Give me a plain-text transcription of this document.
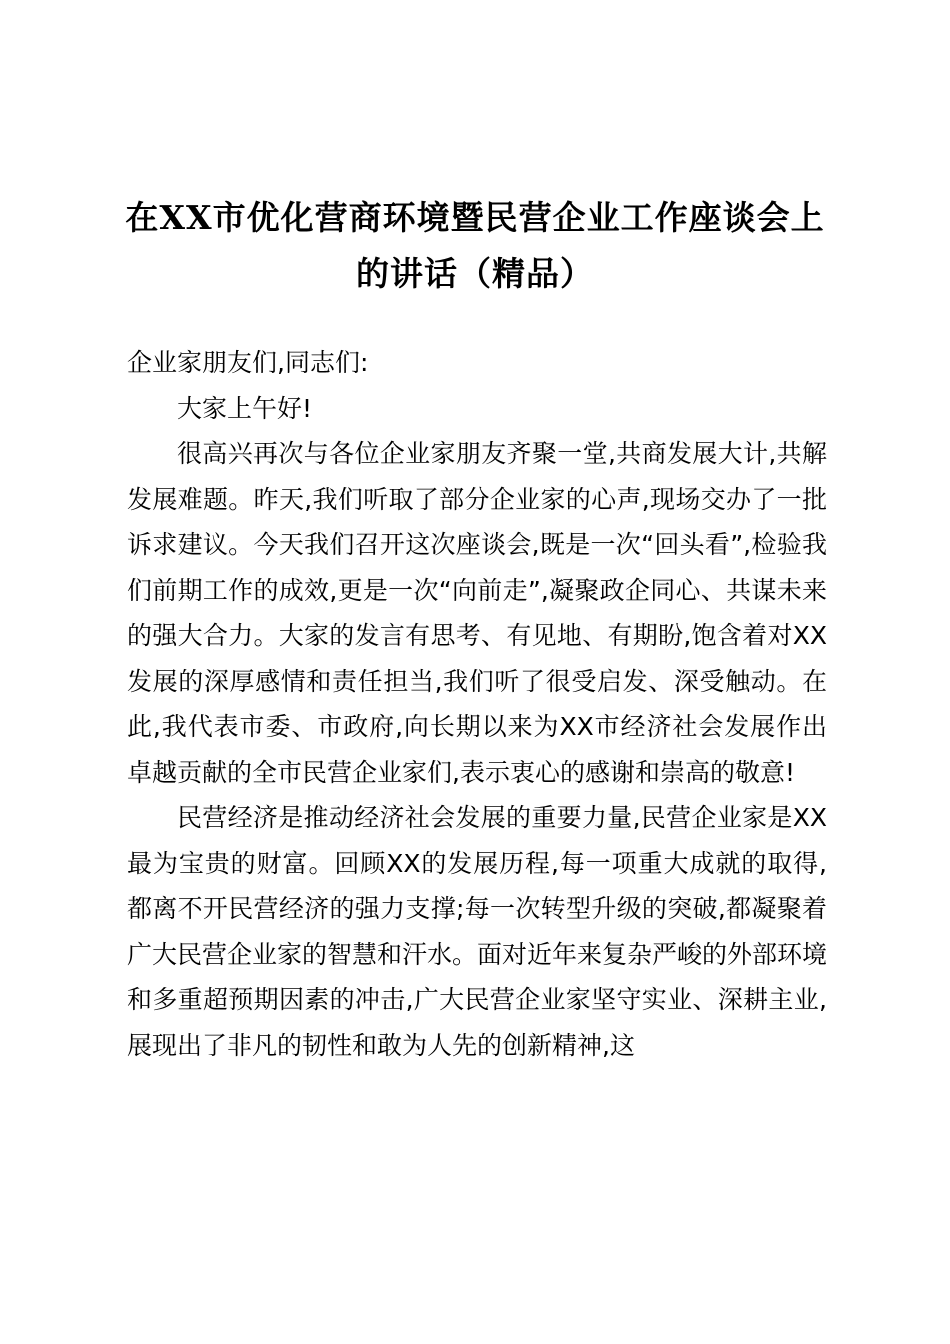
在XX市优化营商环境暨民营企业工作座谈会上的讲话（精品）

企业家朋友们,同志们:

大家上午好!

很高兴再次与各位企业家朋友齐聚一堂,共商发展大计,共解发展难题。昨天,我们听取了部分企业家的心声,现场交办了一批诉求建议。今天我们召开这次座谈会,既是一次“回头看”,检验我们前期工作的成效,更是一次“向前走”,凝聚政企同心、共谋未来的强大合力。大家的发言有思考、有见地、有期盼,饱含着对XX发展的深厚感情和责任担当,我们听了很受启发、深受触动。在此,我代表市委、市政府,向长期以来为XX市经济社会发展作出卓越贡献的全市民营企业家们,表示衷心的感谢和崇高的敬意!

民营经济是推动经济社会发展的重要力量,民营企业家是XX最为宝贵的财富。回顾XX的发展历程,每一项重大成就的取得,都离不开民营经济的强力支撑;每一次转型升级的突破,都凝聚着广大民营企业家的智慧和汗水。面对近年来复杂严峻的外部环境和多重超预期因素的冲击,广大民营企业家坚守实业、深耕主业,展现出了非凡的韧性和敢为人先的创新精神,这
